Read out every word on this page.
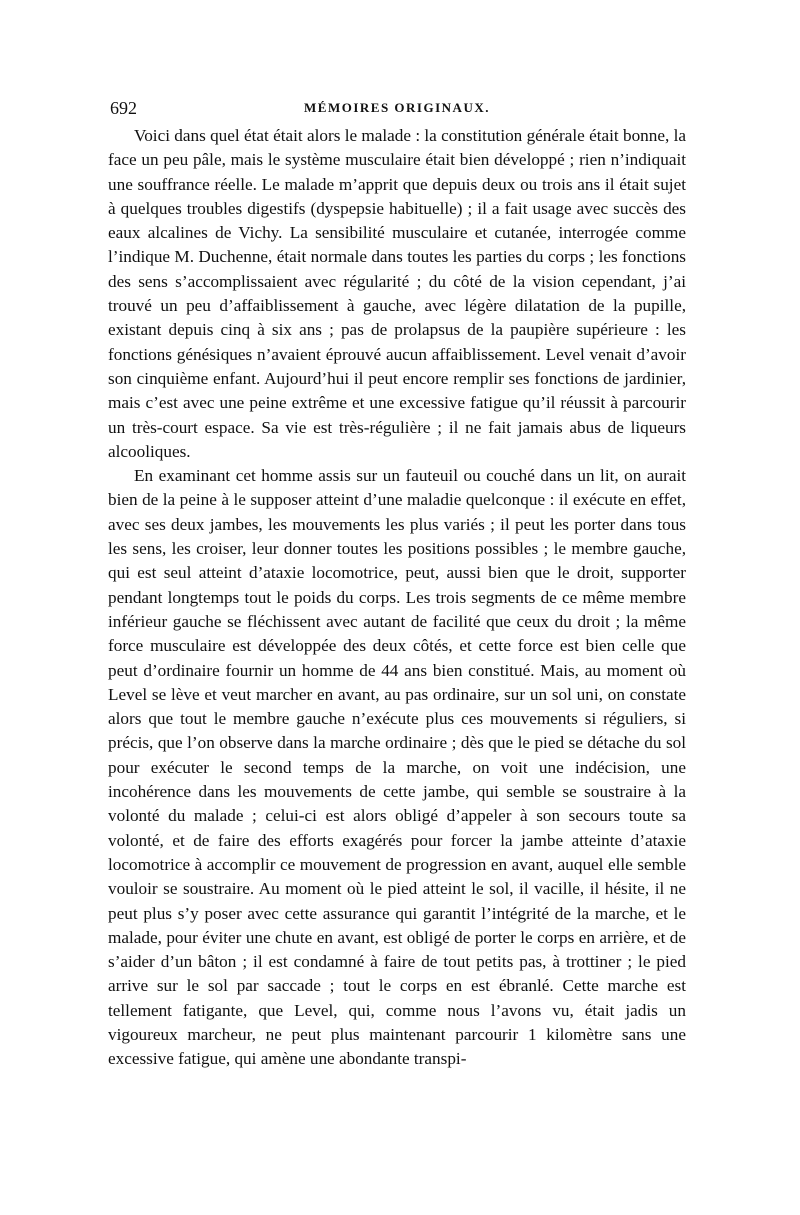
692	MÉMOIRES ORIGINAUX.

Voici dans quel état était alors le malade : la constitution générale était bonne, la face un peu pâle, mais le système musculaire était bien développé ; rien n’indiquait une souffrance réelle. Le malade m’apprit que depuis deux ou trois ans il était sujet à quelques troubles digestifs (dyspepsie habituelle) ; il a fait usage avec succès des eaux alcalines de Vichy. La sensibilité musculaire et cutanée, interrogée comme l’indique M. Duchenne, était normale dans toutes les parties du corps ; les fonctions des sens s’accomplissaient avec régularité ; du côté de la vision cependant, j’ai trouvé un peu d’affaiblissement à gauche, avec légère dilatation de la pupille, existant depuis cinq à six ans ; pas de prolapsus de la paupière supérieure : les fonctions génésiques n’avaient éprouvé aucun affaiblissement. Level venait d’avoir son cinquième enfant. Aujourd’hui il peut encore remplir ses fonctions de jardinier, mais c’est avec une peine extrême et une excessive fatigue qu’il réussit à parcourir un très-court espace. Sa vie est très-régulière ; il ne fait jamais abus de liqueurs alcooliques.

En examinant cet homme assis sur un fauteuil ou couché dans un lit, on aurait bien de la peine à le supposer atteint d’une maladie quelconque : il exécute en effet, avec ses deux jambes, les mouvements les plus variés ; il peut les porter dans tous les sens, les croiser, leur donner toutes les positions possibles ; le membre gauche, qui est seul atteint d’ataxie locomotrice, peut, aussi bien que le droit, supporter pendant longtemps tout le poids du corps. Les trois segments de ce même membre inférieur gauche se fléchissent avec autant de facilité que ceux du droit ; la même force musculaire est développée des deux côtés, et cette force est bien celle que peut d’ordinaire fournir un homme de 44 ans bien constitué. Mais, au moment où Level se lève et veut marcher en avant, au pas ordinaire, sur un sol uni, on constate alors que tout le membre gauche n’exécute plus ces mouvements si réguliers, si précis, que l’on observe dans la marche ordinaire ; dès que le pied se détache du sol pour exécuter le second temps de la marche, on voit une indécision, une incohérence dans les mouvements de cette jambe, qui semble se soustraire à la volonté du malade ; celui-ci est alors obligé d’appeler à son secours toute sa volonté, et de faire des efforts exagérés pour forcer la jambe atteinte d’ataxie locomotrice à accomplir ce mouvement de progression en avant, auquel elle semble vouloir se soustraire. Au moment où le pied atteint le sol, il vacille, il hésite, il ne peut plus s’y poser avec cette assurance qui garantit l’intégrité de la marche, et le malade, pour éviter une chute en avant, est obligé de porter le corps en arrière, et de s’aider d’un bâton ; il est condamné à faire de tout petits pas, à trottiner ; le pied arrive sur le sol par saccade ; tout le corps en est ébranlé. Cette marche est tellement fatigante, que Level, qui, comme nous l’avons vu, était jadis un vigoureux marcheur, ne peut plus maintenant parcourir 1 kilomètre sans une excessive fatigue, qui amène une abondante transpi-
